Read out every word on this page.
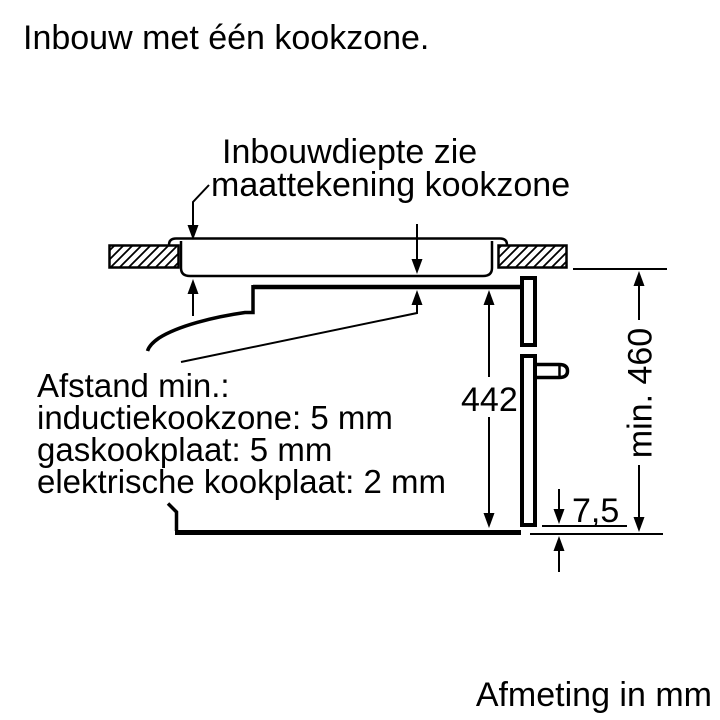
Inbouw met één kookzone.
Inbouwdiepte zie
maattekening kookzone
Afstand min.:
inductiekookzone: 5 mm
gaskookplaat: 5 mm
elektrische kookplaat: 2 mm
442	min. 460
7,5
Afmeting in mm
